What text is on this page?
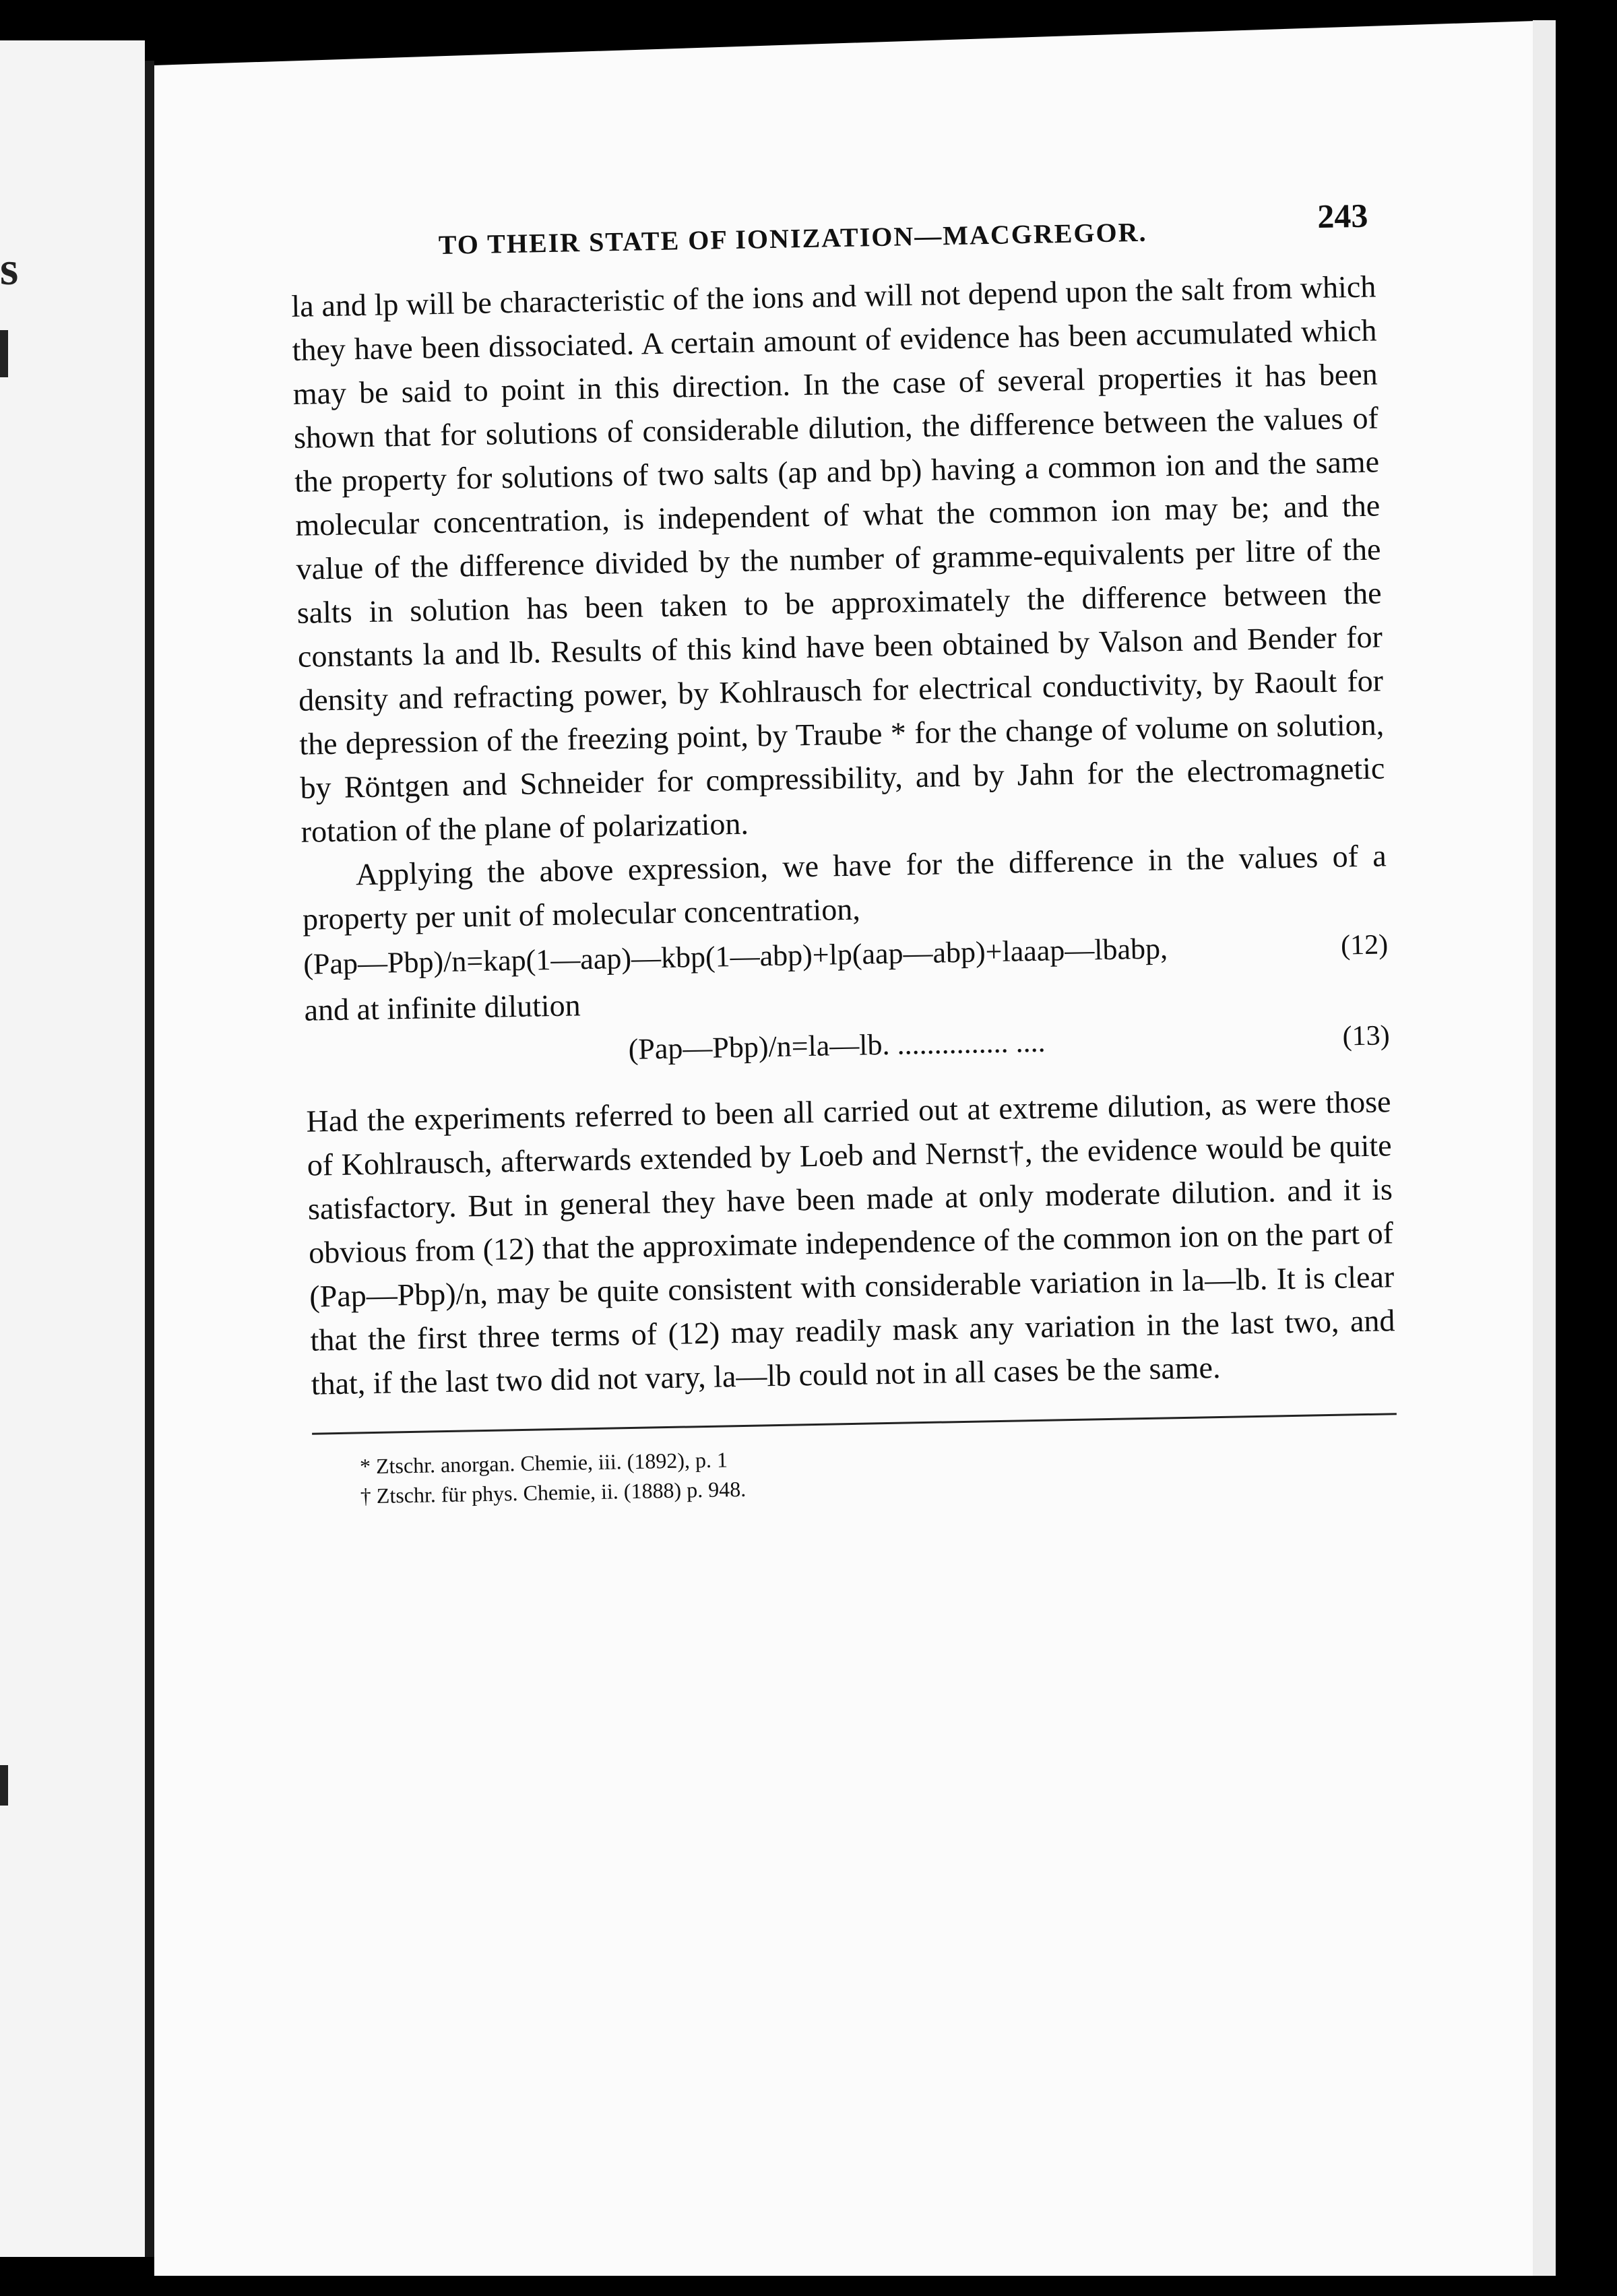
s
TO THEIR STATE OF IONIZATION—MACGREGOR.
243

la and lp will be characteristic of the ions and will not depend upon the salt from which they have been dissociated. A certain amount of evidence has been accumulated which may be said to point in this direction. In the case of several properties it has been shown that for solutions of considerable dilution, the difference between the values of the property for solutions of two salts (ap and bp) having a common ion and the same molecular concentration, is independent of what the common ion may be; and the value of the difference divided by the number of gramme-equivalents per litre of the salts in solution has been taken to be approximately the difference between the constants la and lb. Results of this kind have been obtained by Valson and Bender for density and refracting power, by Kohlrausch for electrical conductivity, by Raoult for the depression of the freezing point, by Traube * for the change of volume on solution, by Röntgen and Schneider for compressibility, and by Jahn for the electromagnetic rotation of the plane of polarization.

Applying the above expression, we have for the difference in the values of a property per unit of molecular concentration,

(Pap—Pbp)/n=kap(1—aap)—kbp(1—abp)+lp(aap—abp)+laaap—lbabp,	(12)

and at infinite dilution

(Pap—Pbp)/n=la—lb. ............... ....	(13)

Had the experiments referred to been all carried out at extreme dilution, as were those of Kohlrausch, afterwards extended by Loeb and Nernst†, the evidence would be quite satisfactory. But in general they have been made at only moderate dilution. and it is obvious from (12) that the approximate independence of the common ion on the part of (Pap—Pbp)/n, may be quite consistent with considerable variation in la—lb. It is clear that the first three terms of (12) may readily mask any variation in the last two, and that, if the last two did not vary, la—lb could not in all cases be the same.

* Ztschr. anorgan. Chemie, iii. (1892), p. 1
† Ztschr. für phys. Chemie, ii. (1888) p. 948.
